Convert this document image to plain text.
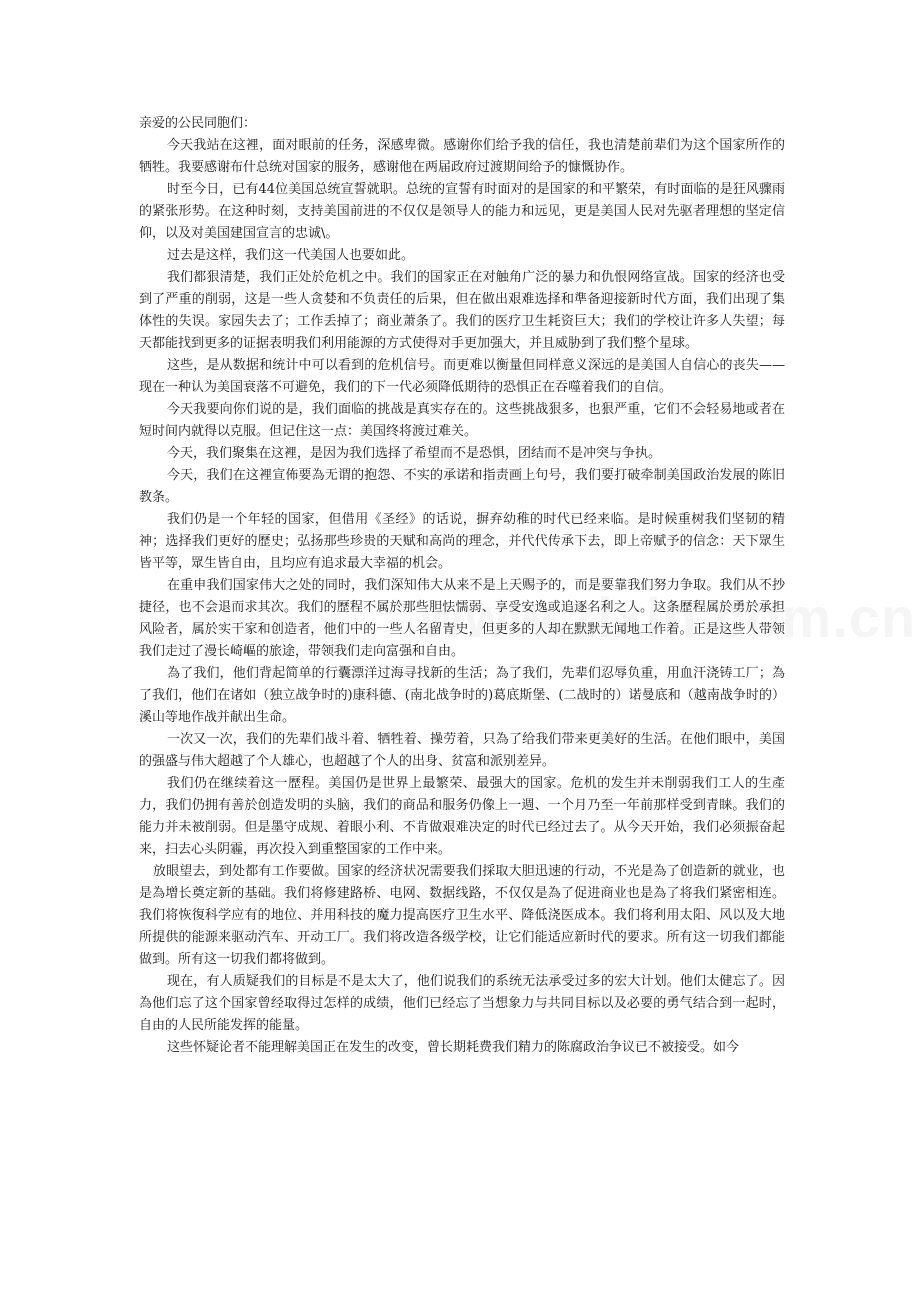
亲爱的公民同胞们：

今天我站在这裡，面对眼前的任务，深感卑微。感谢你们给予我的信任，我也清楚前辈们为这个国家所作的牺牲。我要感谢布什总统对国家的服务，感谢他在两届政府过渡期间给予的慷慨协作。

时至今日，已有44位美国总统宣誓就职。总统的宣誓有时面对的是国家的和平繁荣，有时面临的是狂风骤雨的紧张形势。在这种时刻，支持美国前进的不仅仅是领导人的能力和远见，更是美国人民对先驱者理想的坚定信仰，以及对美国建国宣言的忠诚\。

过去是这样，我们这一代美国人也要如此。

我们都狠清楚，我们正处於危机之中。我们的国家正在对触角广泛的暴力和仇恨网络宣战。国家的经济也受到了严重的削弱，这是一些人贪婪和不负责任的后果，但在做出艰难选择和準备迎接新时代方面，我们出现了集体性的失误。家园失去了；工作丢掉了；商业萧条了。我们的医疗卫生耗资巨大；我们的学校让许多人失望；每天都能找到更多的证据表明我们利用能源的方式使得对手更加强大，并且威胁到了我们整个星球。

这些，是从数据和统计中可以看到的危机信号。而更难以衡量但同样意义深远的是美国人自信心的丧失——现在一种认为美国衰落不可避免，我们的下一代必须降低期待的恐惧正在吞噬着我们的自信。

今天我要向你们说的是，我们面临的挑战是真实存在的。这些挑战狠多，也狠严重，它们不会轻易地或者在短时间内就得以克服。但记住这一点：美国终将渡过难关。

今天，我们聚集在这裡，是因为我们选择了希望而不是恐惧，团结而不是冲突与争执。

今天，我们在这裡宣佈要為无谓的抱怨、不实的承诺和指责画上句号，我们要打破牵制美国政治发展的陈旧教条。

我们仍是一个年轻的国家，但借用《圣经》的话说，摒弃幼稚的时代已经来临。是时候重树我们坚韧的精神；选择我们更好的歷史；弘扬那些珍贵的天赋和高尚的理念，并代代传承下去，即上帝赋予的信念：天下眾生皆平等，眾生皆自由，且均应有追求最大幸福的机会。

在重申我们国家伟大之处的同时，我们深知伟大从来不是上天赐予的，而是要靠我们努力争取。我们从不抄捷径，也不会退而求其次。我们的歷程不属於那些胆怯懦弱、享受安逸或追逐名利之人。这条歷程属於勇於承担风险者，属於实干家和创造者，他们中的一些人名留青史，但更多的人却在默默无闻地工作着。正是这些人带领我们走过了漫长崎嶇的旅途，带领我们走向富强和自由。

為了我们，他们背起简单的行囊漂洋过海寻找新的生活；為了我们，先辈们忍辱负重，用血汗浇铸工厂；為了我们，他们在诸如（独立战争时的)康科德、(南北战争时的)葛底斯堡、(二战时的）诺曼底和（越南战争时的）溪山等地作战并献出生命。

一次又一次，我们的先辈们战斗着、牺牲着、操劳着，只為了给我们带来更美好的生活。在他们眼中，美国的强盛与伟大超越了个人雄心，也超越了个人的出身、贫富和派别差异。

我们仍在继续着这一歷程。美国仍是世界上最繁荣、最强大的国家。危机的发生并未削弱我们工人的生產力，我们仍拥有善於创造发明的头脑，我们的商品和服务仍像上一週、一个月乃至一年前那样受到青睐。我们的能力并未被削弱。但是墨守成规、着眼小利、不肯做艰难决定的时代已经过去了。从今天开始，我们必须振奋起来，扫去心头阴霾，再次投入到重整国家的工作中来。

放眼望去，到处都有工作要做。国家的经济状况需要我们採取大胆迅速的行动，不光是為了创造新的就业，也是為增长奠定新的基础。我们将修建路桥、电网、数据线路，不仅仅是為了促进商业也是為了将我们紧密相连。我们将恢復科学应有的地位、并用科技的魔力提高医疗卫生水平、降低浇医成本。我们将利用太阳、风以及大地所提供的能源来驱动汽车、开动工厂。我们将改造各级学校，让它们能适应新时代的要求。所有这一切我们都能做到。所有这一切我们都将做到。

现在，有人质疑我们的目标是不是太大了，他们说我们的系统无法承受过多的宏大计划。他们太健忘了。因為他们忘了这个国家曾经取得过怎样的成绩，他们已经忘了当想象力与共同目标以及必要的勇气结合到一起时，自由的人民所能发挥的能量。

这些怀疑论者不能理解美国正在发生的改变，曾长期耗费我们精力的陈腐政治争议已不被接受。如今
